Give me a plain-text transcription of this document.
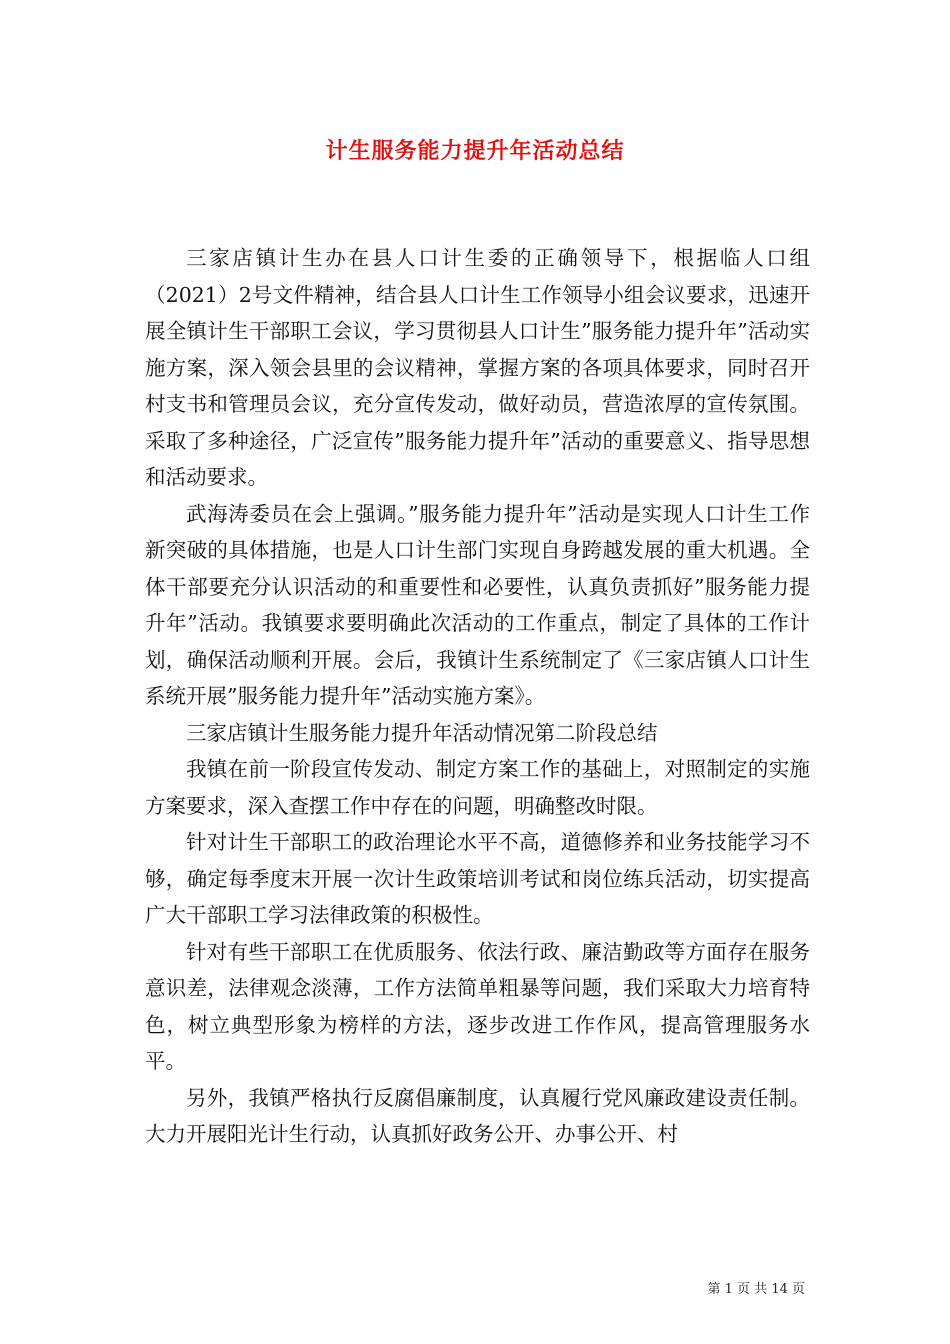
计生服务能力提升年活动总结

三家店镇计生办在县人口计生委的正确领导下，根据临人口组（2021）2号文件精神，结合县人口计生工作领导小组会议要求，迅速开展全镇计生干部职工会议，学习贯彻县人口计生”服务能力提升年”活动实施方案，深入领会县里的会议精神，掌握方案的各项具体要求，同时召开村支书和管理员会议，充分宣传发动，做好动员，营造浓厚的宣传氛围。采取了多种途径，广泛宣传”服务能力提升年”活动的重要意义、指导思想和活动要求。

武海涛委员在会上强调。”服务能力提升年”活动是实现人口计生工作新突破的具体措施，也是人口计生部门实现自身跨越发展的重大机遇。全体干部要充分认识活动的和重要性和必要性，认真负责抓好”服务能力提升年”活动。我镇要求要明确此次活动的工作重点，制定了具体的工作计划，确保活动顺利开展。会后，我镇计生系统制定了《三家店镇人口计生系统开展”服务能力提升年”活动实施方案》。

三家店镇计生服务能力提升年活动情况第二阶段总结

我镇在前一阶段宣传发动、制定方案工作的基础上，对照制定的实施方案要求，深入查摆工作中存在的问题，明确整改时限。

针对计生干部职工的政治理论水平不高，道德修养和业务技能学习不够，确定每季度末开展一次计生政策培训考试和岗位练兵活动，切实提高广大干部职工学习法律政策的积极性。

针对有些干部职工在优质服务、依法行政、廉洁勤政等方面存在服务意识差，法律观念淡薄，工作方法简单粗暴等问题，我们采取大力培育特色，树立典型形象为榜样的方法，逐步改进工作作风，提高管理服务水平。

另外，我镇严格执行反腐倡廉制度，认真履行党风廉政建设责任制。大力开展阳光计生行动，认真抓好政务公开、办事公开、村

第 1 页 共 14 页
